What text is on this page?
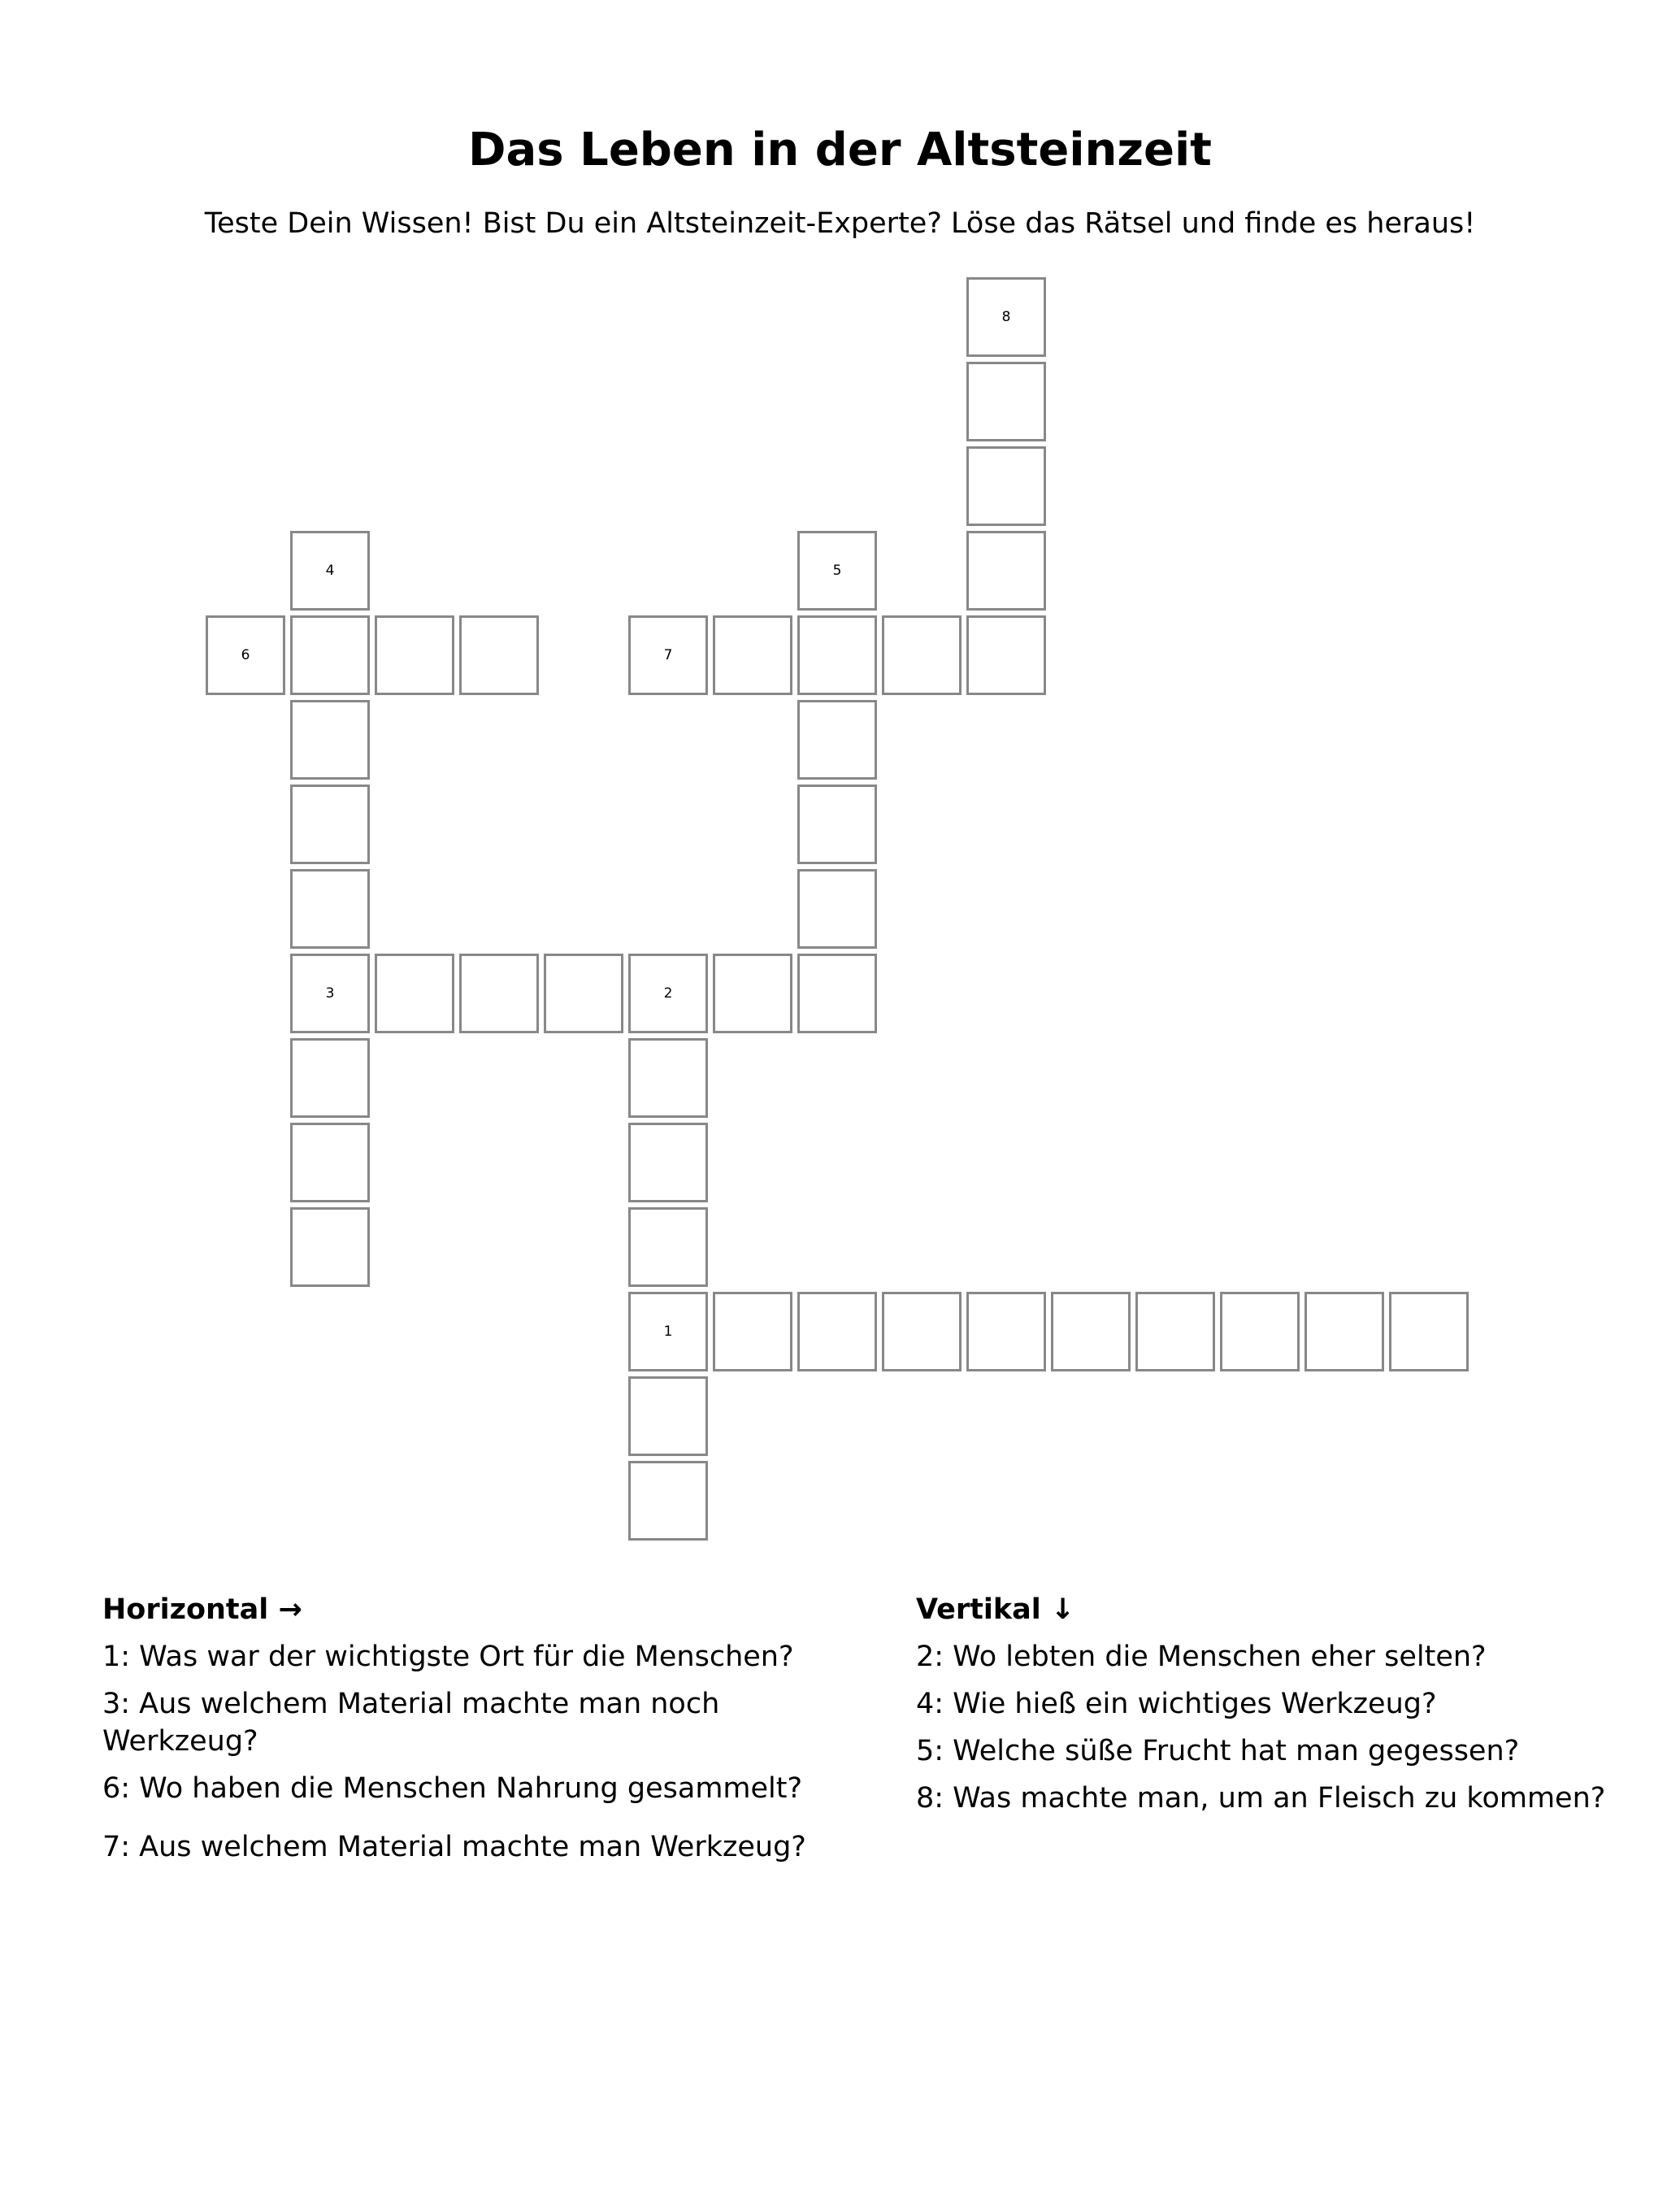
Das Leben in der Altsteinzeit

Teste Dein Wissen! Bist Du ein Altsteinzeit-Experte? Löse das Rätsel und finde es heraus!

1
2
3
4	5
6	7
8
Horizontal →
1: Was war der wichtigste Ort für die Menschen?
3: Aus welchem Material machte man noch Werkzeug?
6: Wo haben die Menschen Nahrung gesammelt?
7: Aus welchem Material machte man Werkzeug?
Vertikal ↓
2: Wo lebten die Menschen eher selten?
4: Wie hieß ein wichtiges Werkzeug?
5: Welche süße Frucht hat man gegessen?
8: Was machte man, um an Fleisch zu kommen?
